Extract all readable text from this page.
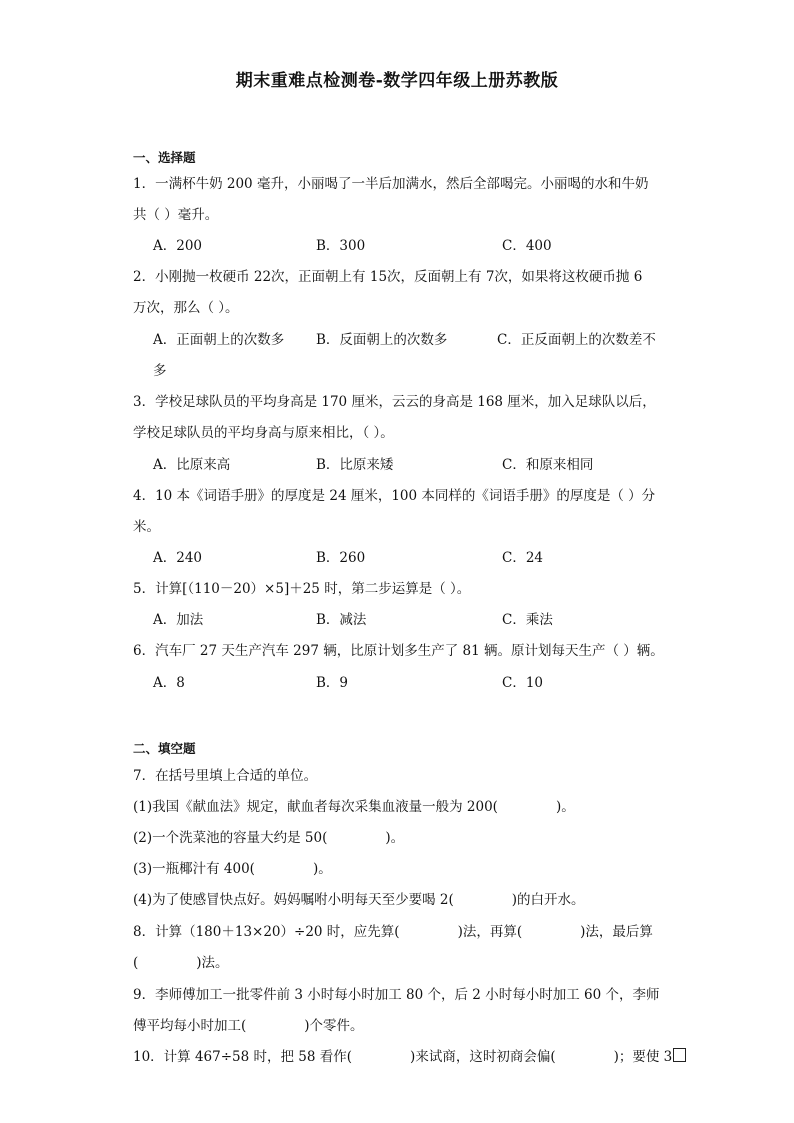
期末重难点检测卷-数学四年级上册苏教版
一、选择题
1．一满杯牛奶 200 毫升，小丽喝了一半后加满水，然后全部喝完。小丽喝的水和牛奶
共（ ）毫升。
A．200	B．300	C．400
2．小刚抛一枚硬币 22次，正面朝上有 15次，反面朝上有 7次，如果将这枚硬币抛 6
万次，那么（ ）。
A．正面朝上的次数多 B．反面朝上的次数多	C．正反面朝上的次数差不
多
3．学校足球队员的平均身高是 170 厘米，云云的身高是 168 厘米，加入足球队以后，
学校足球队员的平均身高与原来相比，（ ）。
A．比原来高	B．比原来矮	C．和原来相同
4．10 本《词语手册》的厚度是 24 厘米，100 本同样的《词语手册》的厚度是（ ）分
米。
A．240	B．260	C．24
5．计算[（110－20）×5]＋25 时，第二步运算是（ ）。
A．加法	B．减法	C．乘法
6．汽车厂 27 天生产汽车 297 辆，比原计划多生产了 81 辆。原计划每天生产（ ）辆。
A．8	B．9	C．10
二、填空题
7．在括号里填上合适的单位。
(1)我国《献血法》规定，献血者每次采集血液量一般为 200(	)。
(2)一个洗菜池的容量大约是 50(	)。
(3)一瓶椰汁有 400(	)。
(4)为了使感冒快点好。妈妈嘱咐小明每天至少要喝 2(	)的白开水。
8．计算（180＋13×20）÷20 时，应先算(	)法，再算(	)法，最后算
(	)法。
9．李师傅加工一批零件前 3 小时每小时加工 80 个，后 2 小时每小时加工 60 个，李师
傅平均每小时加工(	)个零件。
10．计算 467÷58 时，把 58 看作(	)来试商，这时初商会偏(	)；要使 3
